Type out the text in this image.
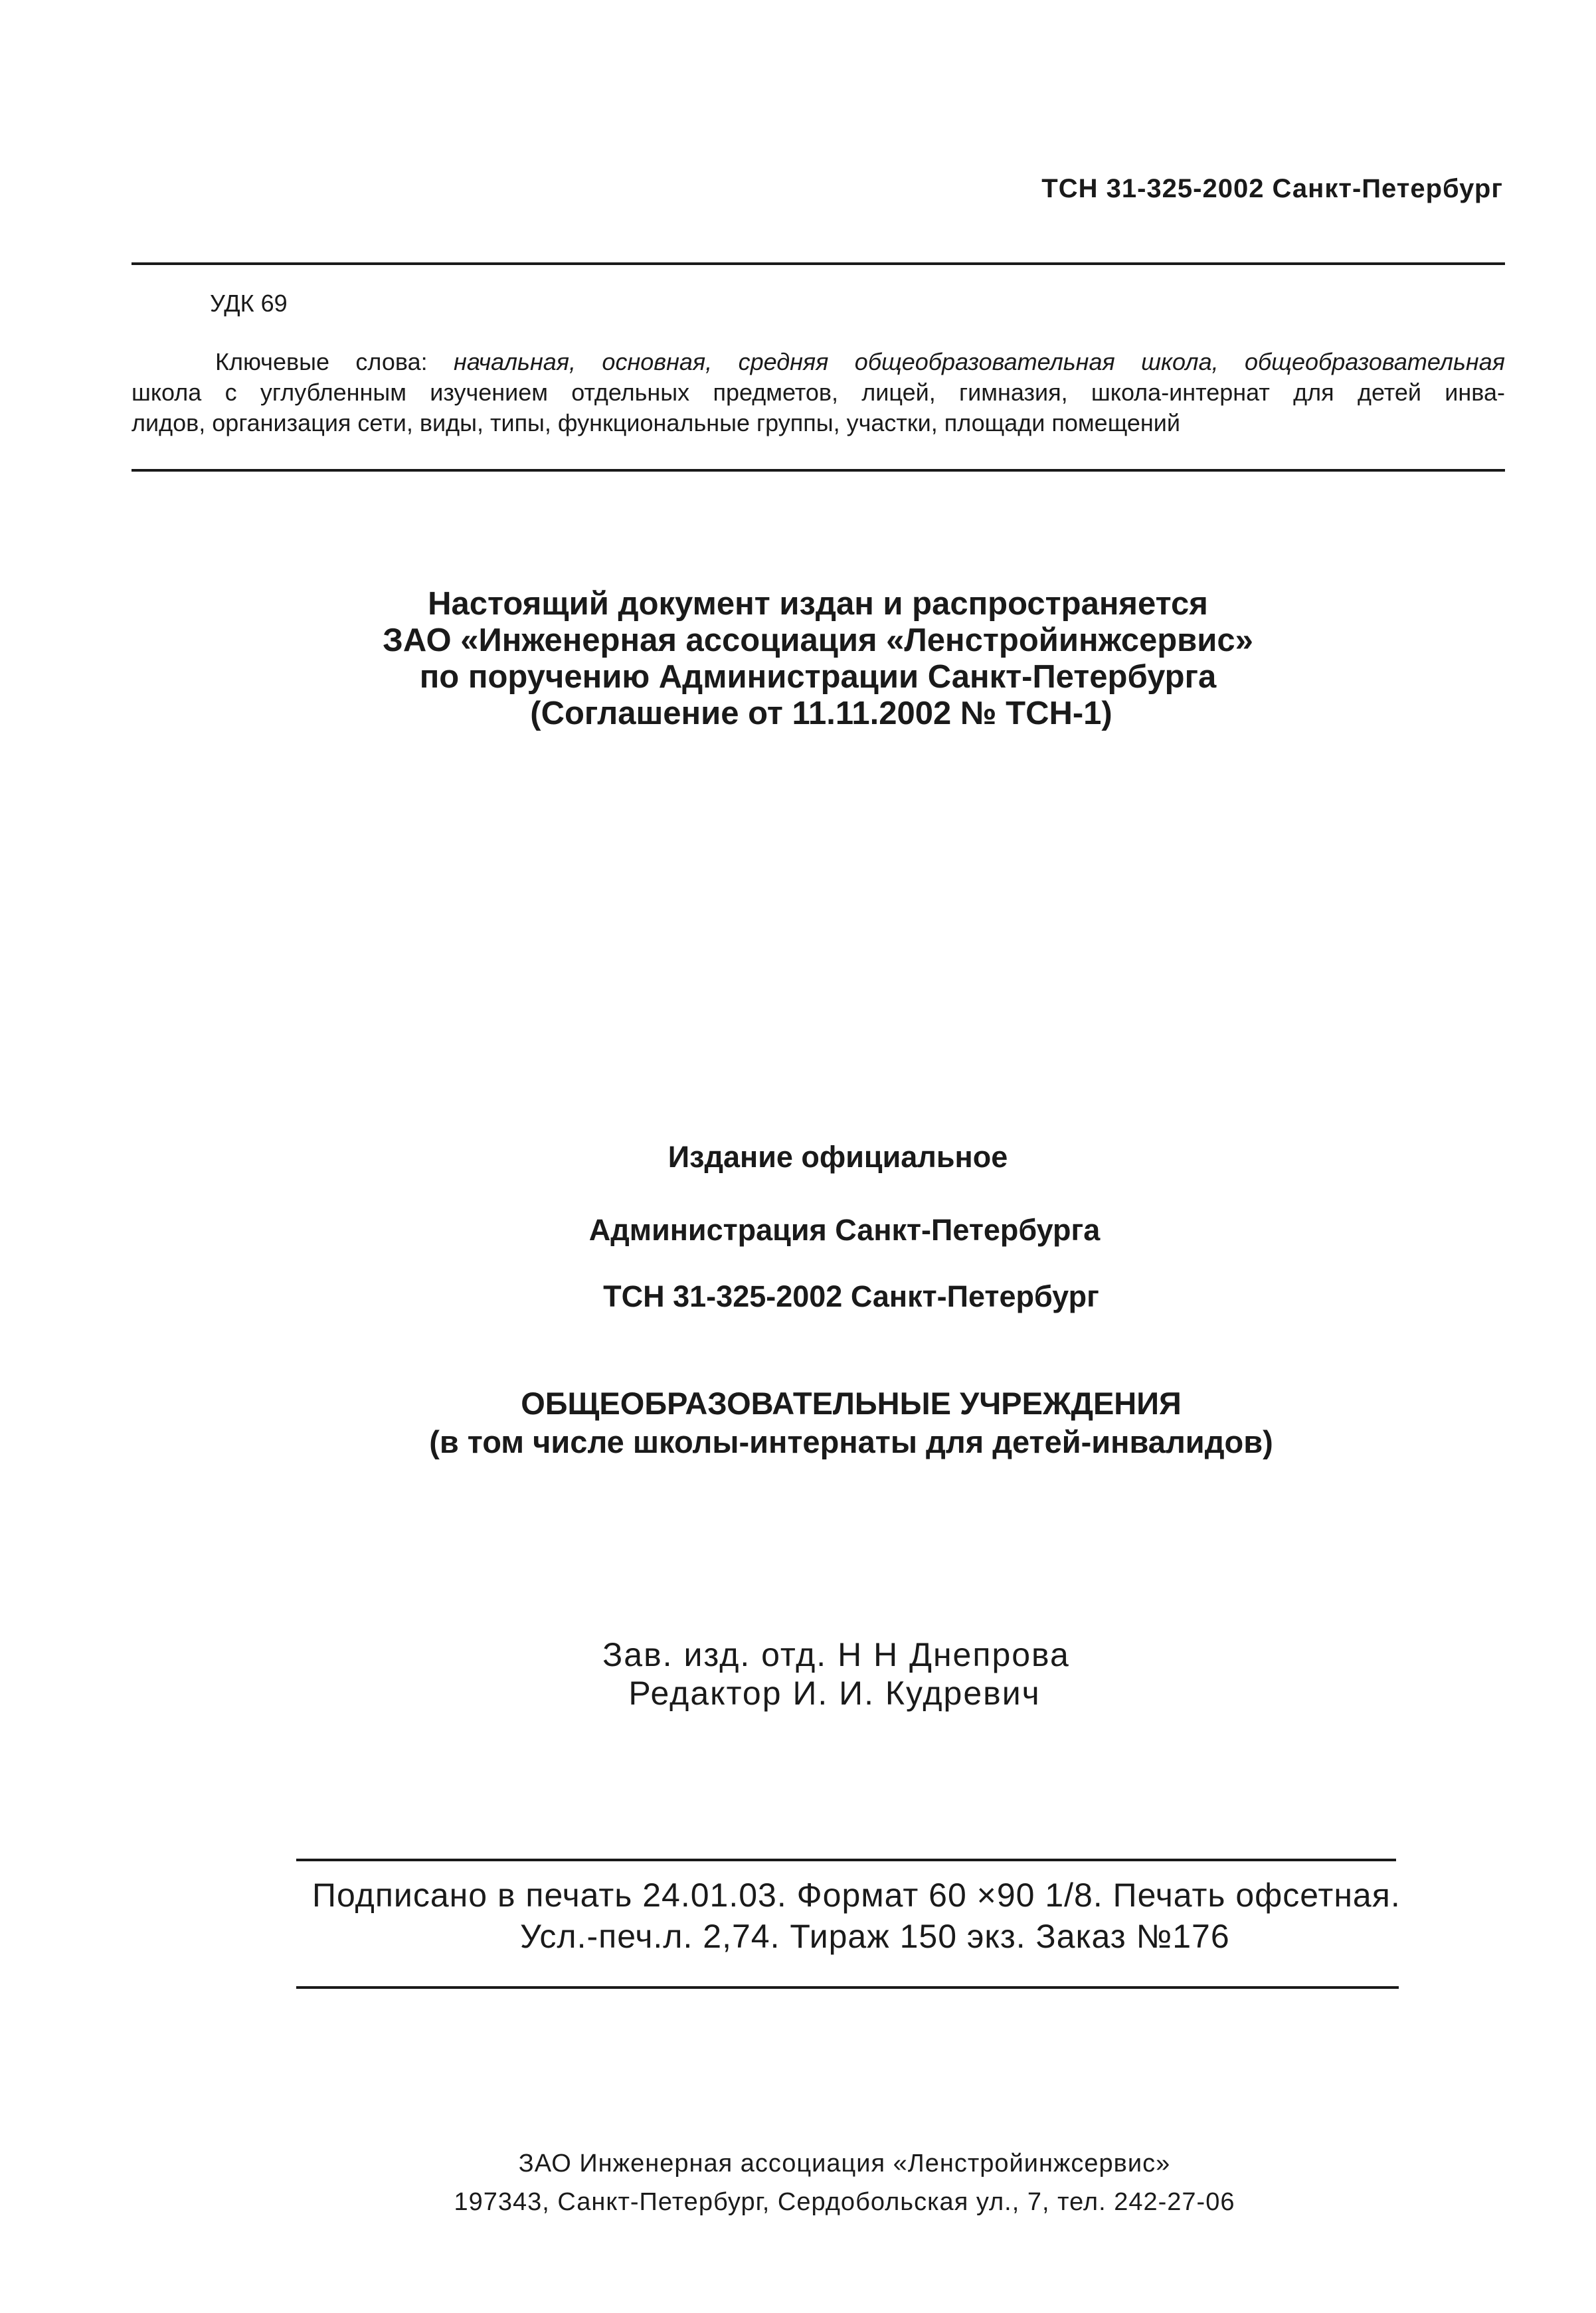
ТСН 31-325-2002 Санкт-Петербург
УДК 69
Ключевые слова: начальная, основная, средняя общеобразовательная школа, общеобразовательная
школа с углубленным изучением отдельных предметов, лицей, гимназия, школа-интернат для детей инва-
лидов, организация сети, виды, типы, функциональные группы, участки, площади помещений
Настоящий документ издан и распространяется
ЗАО «Инженерная ассоциация «Ленстройинжсервис»
по поручению Администрации Санкт-Петербурга
(Соглашение от 11.11.2002 № ТСН-1)
Издание официальное
Администрация Санкт-Петербурга
ТСН 31-325-2002 Санкт-Петербург
ОБЩЕОБРАЗОВАТЕЛЬНЫЕ УЧРЕЖДЕНИЯ
(в том числе школы-интернаты для детей-инвалидов)
Зав. изд. отд. Н Н Днепрова
Редактор И. И. Кудревич
Подписано в печать 24.01.03. Формат 60 ×90 1/8. Печать офсетная.
Усл.-печ.л. 2,74. Тираж 150 экз. Заказ №176
ЗАО Инженерная ассоциация «Ленстройинжсервис»
197343, Санкт-Петербург, Сердобольская ул., 7, тел. 242-27-06
